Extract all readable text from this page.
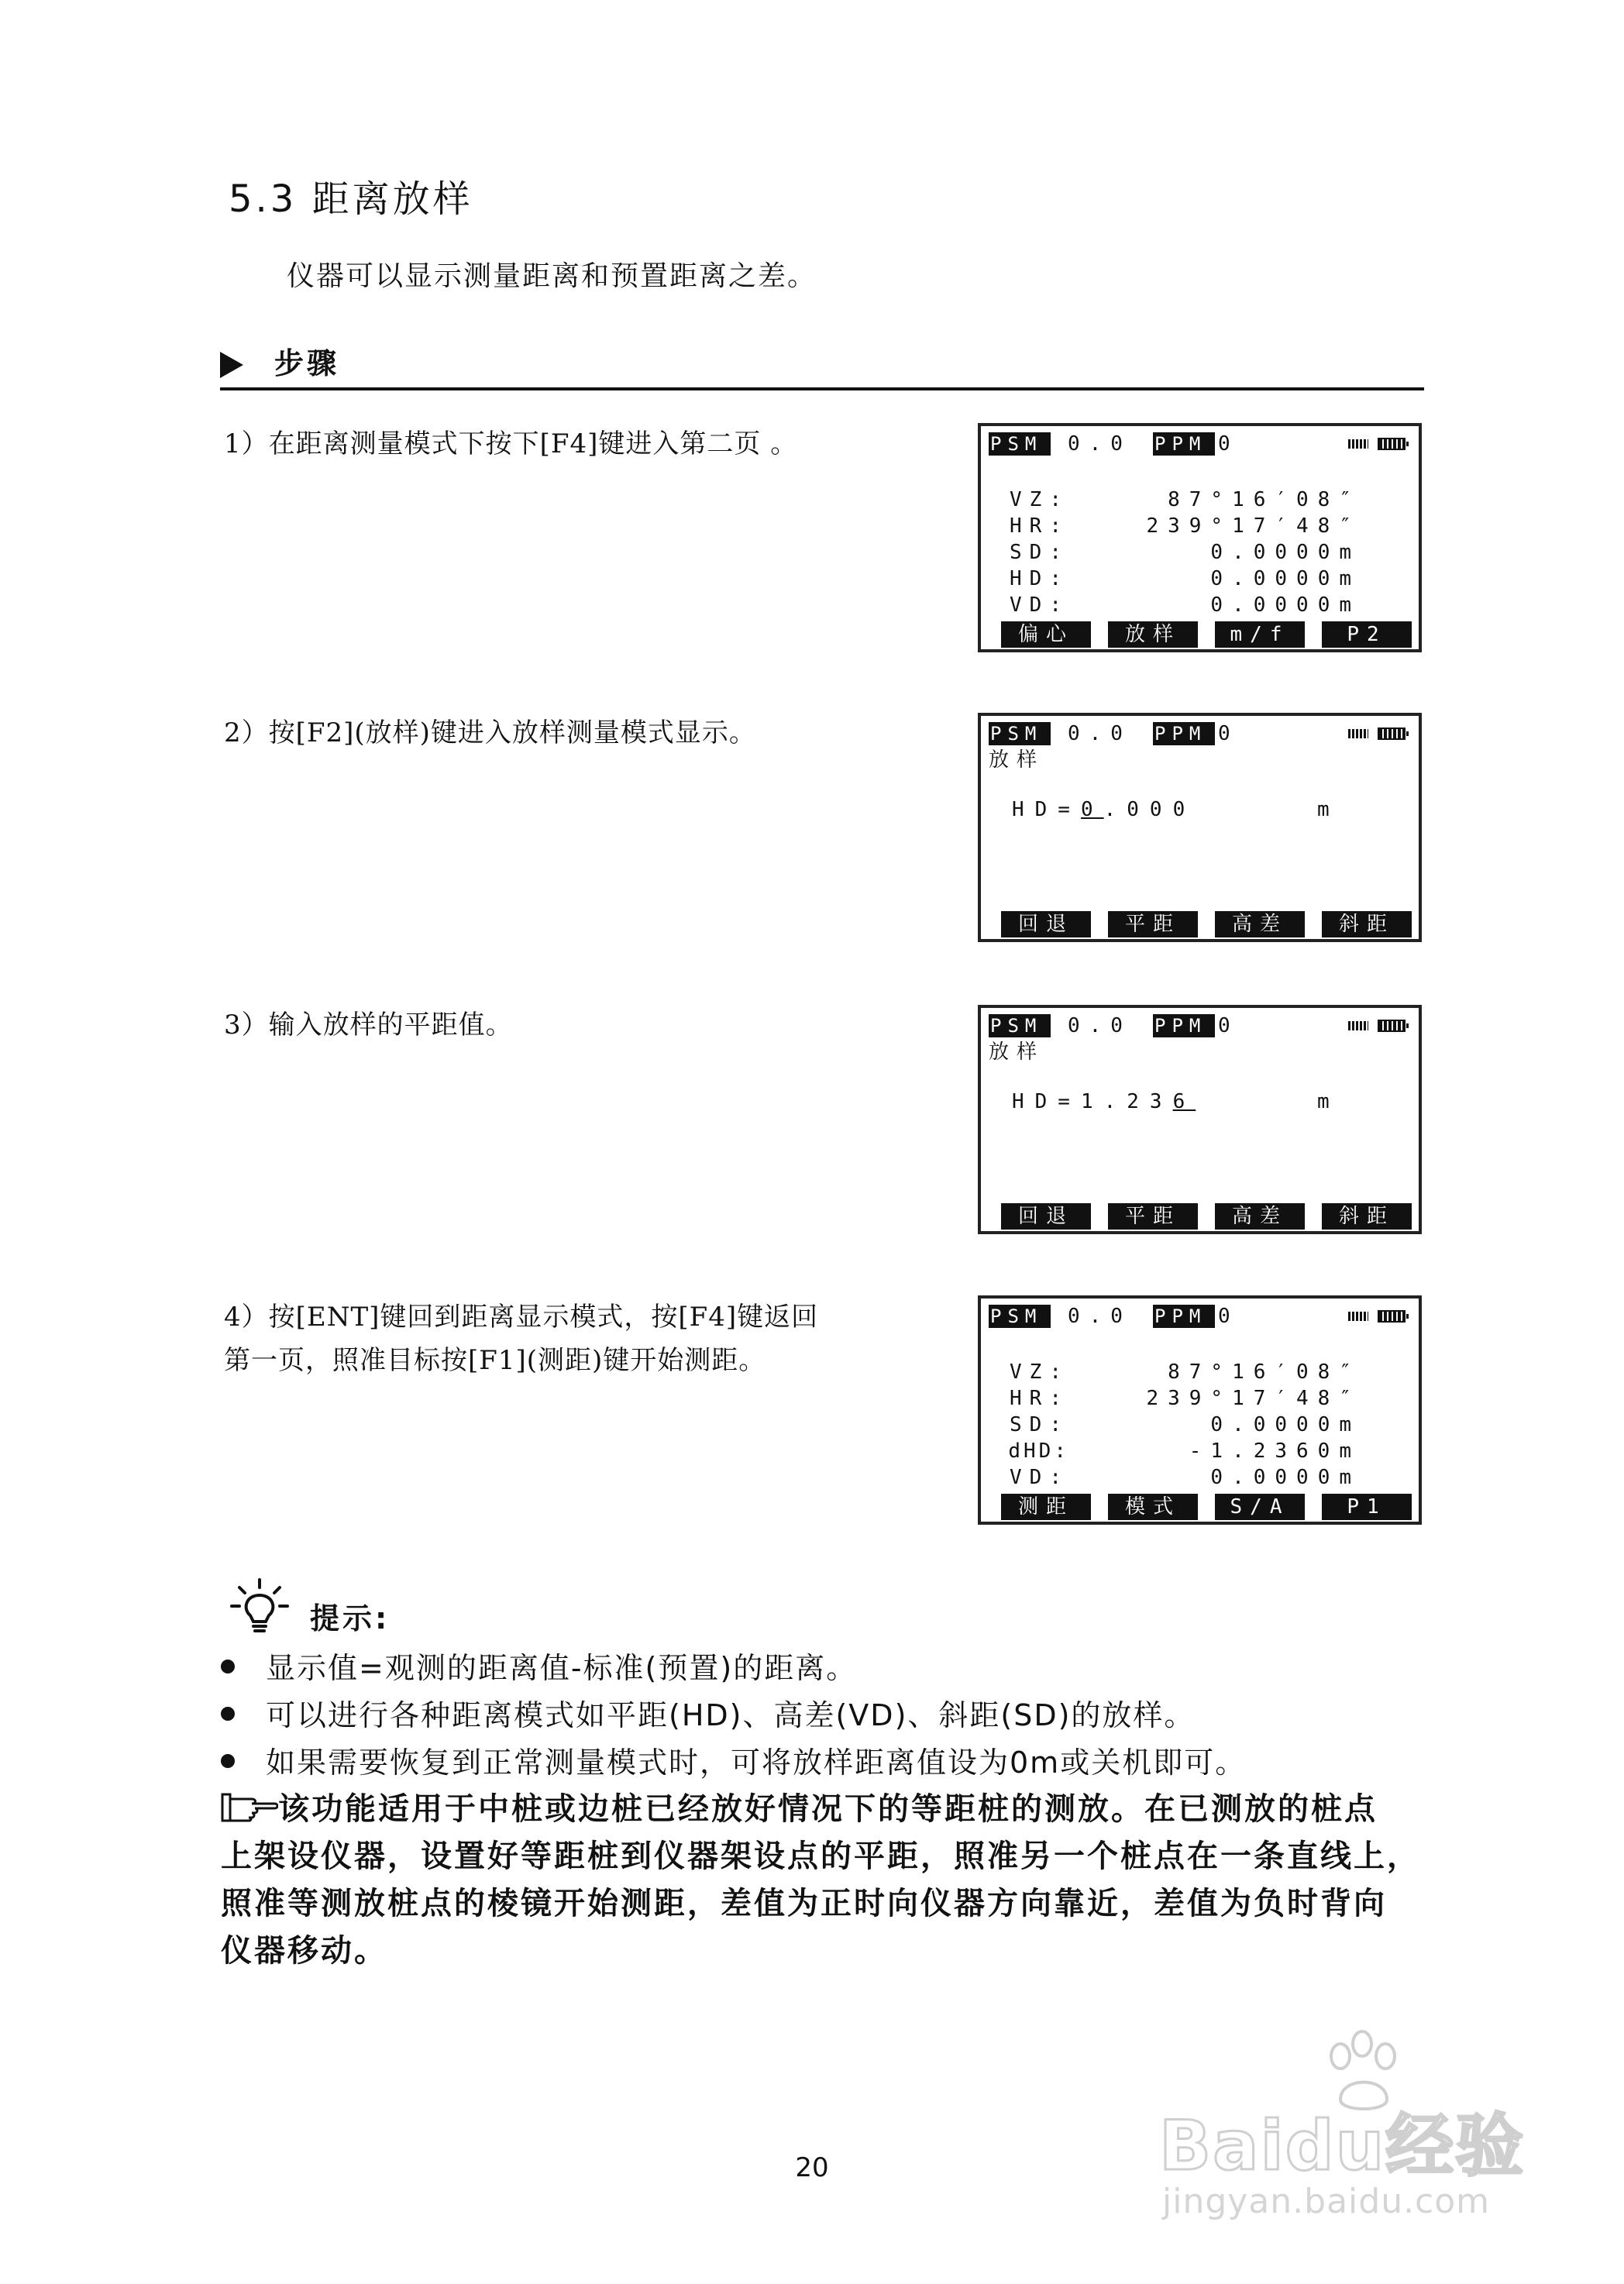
5.3 距离放样
仪器可以显示测量距离和预置距离之差。
步骤
1）在距离测量模式下按下[F4]键进入第二页 。
2）按[F2](放样)键进入放样测量模式显示。
3）输入放样的平距值。
4）按[ENT]键回到距离显示模式，按[F4]键返回
第一页，照准目标按[F1](测距)键开始测距。
PSM	0.0 PPM 0
VZ:	87°16′08″
HR:	239°17′48″
SD:	0.0000m
HD:	0.0000m
VD:	0.0000m
偏心	放样	m/f	P2
PSM	0.0 PPM 0
放样
HD=0.000	m
回退	平距	高差	斜距
PSM	0.0 PPM 0
放样
HD=1.236	m
回退	平距	高差	斜距
PSM	0.0 PPM 0
VZ:	87°16′08″
HR:	239°17′48″
SD:	0.0000m
dHD:	-1.2360m
VD:	0.0000m
测距	模式	S/A	P1
提示:
显示值=观测的距离值-标准(预置)的距离。
可以进行各种距离模式如平距(HD)、高差(VD)、斜距(SD)的放样。
如果需要恢复到正常测量模式时，可将放样距离值设为0m或关机即可。
该功能适用于中桩或边桩已经放好情况下的等距桩的测放。在已测放的桩点
上架设仪器，设置好等距桩到仪器架设点的平距，照准另一个桩点在一条直线上，
照准等测放桩点的棱镜开始测距，差值为正时向仪器方向靠近，差值为负时背向
仪器移动。
20	Baidu经验
jingyan.baidu.com
